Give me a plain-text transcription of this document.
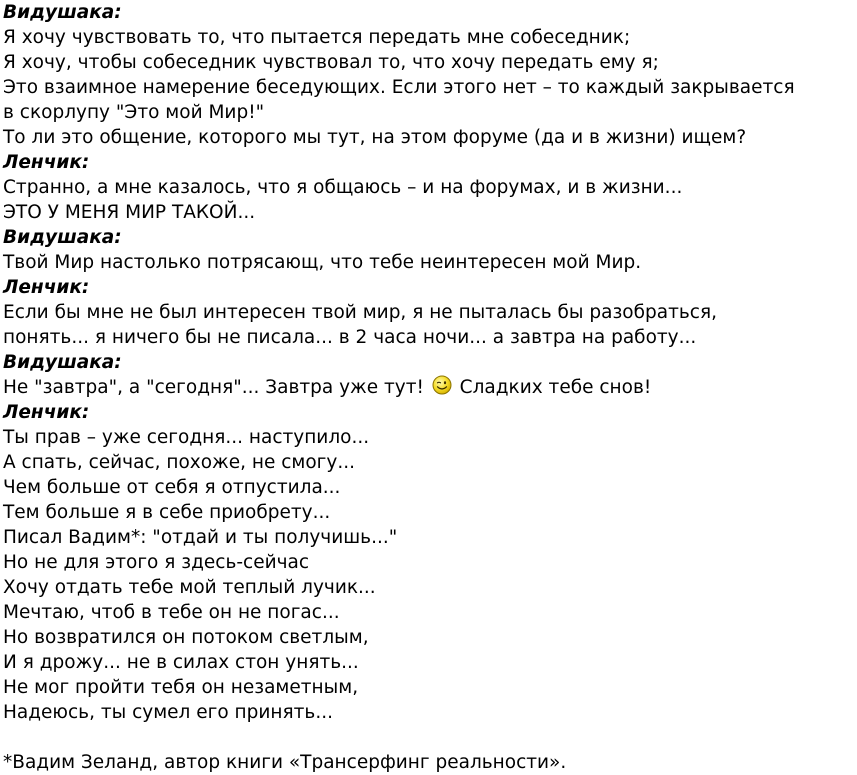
Видушака:
Я хочу чувствовать то, что пытается передать мне собеседник;
Я хочу, чтобы собеседник чувствовал то, что хочу передать ему я;
Это взаимное намерение беседующих. Если этого нет – то каждый закрывается
в скорлупу "Это мой Мир!"
То ли это общение, которого мы тут, на этом форуме (да и в жизни) ищем?
Ленчик:
Странно, а мне казалось, что я общаюсь – и на форумах, и в жизни...
ЭТО У МЕНЯ МИР ТАКОЙ...
Видушака:
Твой Мир настолько потрясающ, что тебе неинтересен мой Мир.
Ленчик:
Если бы мне не был интересен твой мир, я не пыталась бы разобраться,
понять... я ничего бы не писала... в 2 часа ночи... а завтра на работу...
Видушака:
Не "завтра", а "сегодня"... Завтра уже тут!  Сладких тебе снов!
Ленчик:
Ты прав – уже сегодня... наступило...
А спать, сейчас, похоже, не смогу...
Чем больше от себя я отпустила...
Тем больше я в себе приобрету...
Писал Вадим*: "отдай и ты получишь..."
Но не для этого я здесь-сейчас
Хочу отдать тебе мой теплый лучик...
Мечтаю, чтоб в тебе он не погас...
Но возвратился он потоком светлым,
И я дрожу... не в силах стон унять...
Не мог пройти тебя он незаметным,
Надеюсь, ты сумел его принять...
*Вадим Зеланд, автор книги «Трансерфинг реальности».
